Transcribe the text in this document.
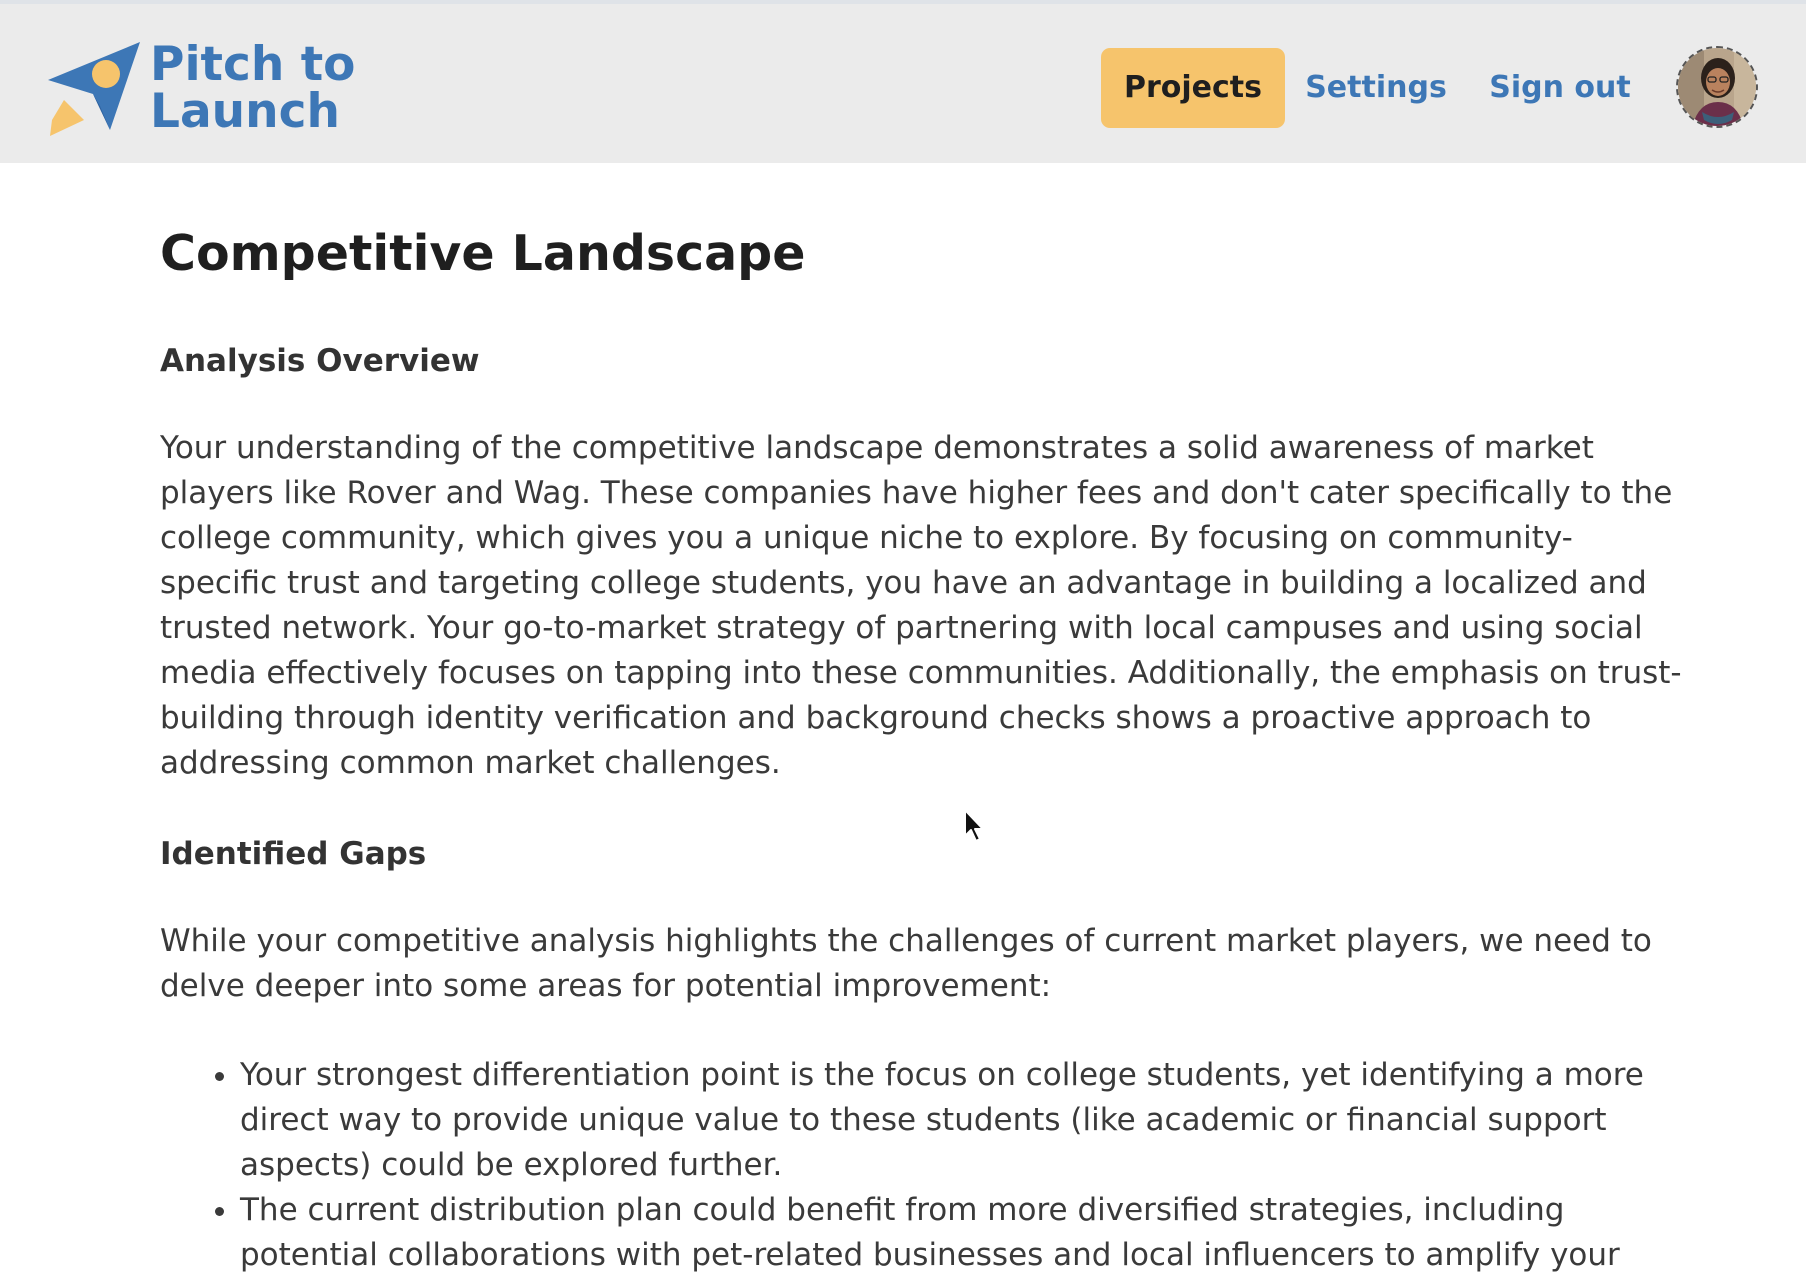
Pitch to
Launch	Projects	Settings Sign out
Competitive Landscape
Analysis Overview

Your understanding of the competitive landscape demonstrates a solid awareness of market
players like Rover and Wag. These companies have higher fees and don't cater specifically to the
college community, which gives you a unique niche to explore. By focusing on community-
specific trust and targeting college students, you have an advantage in building a localized and
trusted network. Your go-to-market strategy of partnering with local campuses and using social
media effectively focuses on tapping into these communities. Additionally, the emphasis on trust-
building through identity verification and background checks shows a proactive approach to
addressing common market challenges.

Identified Gaps

While your competitive analysis highlights the challenges of current market players, we need to
delve deeper into some areas for potential improvement:

Your strongest differentiation point is the focus on college students, yet identifying a more
direct way to provide unique value to these students (like academic or financial support
aspects) could be explored further.
The current distribution plan could benefit from more diversified strategies, including
potential collaborations with pet-related businesses and local influencers to amplify your
